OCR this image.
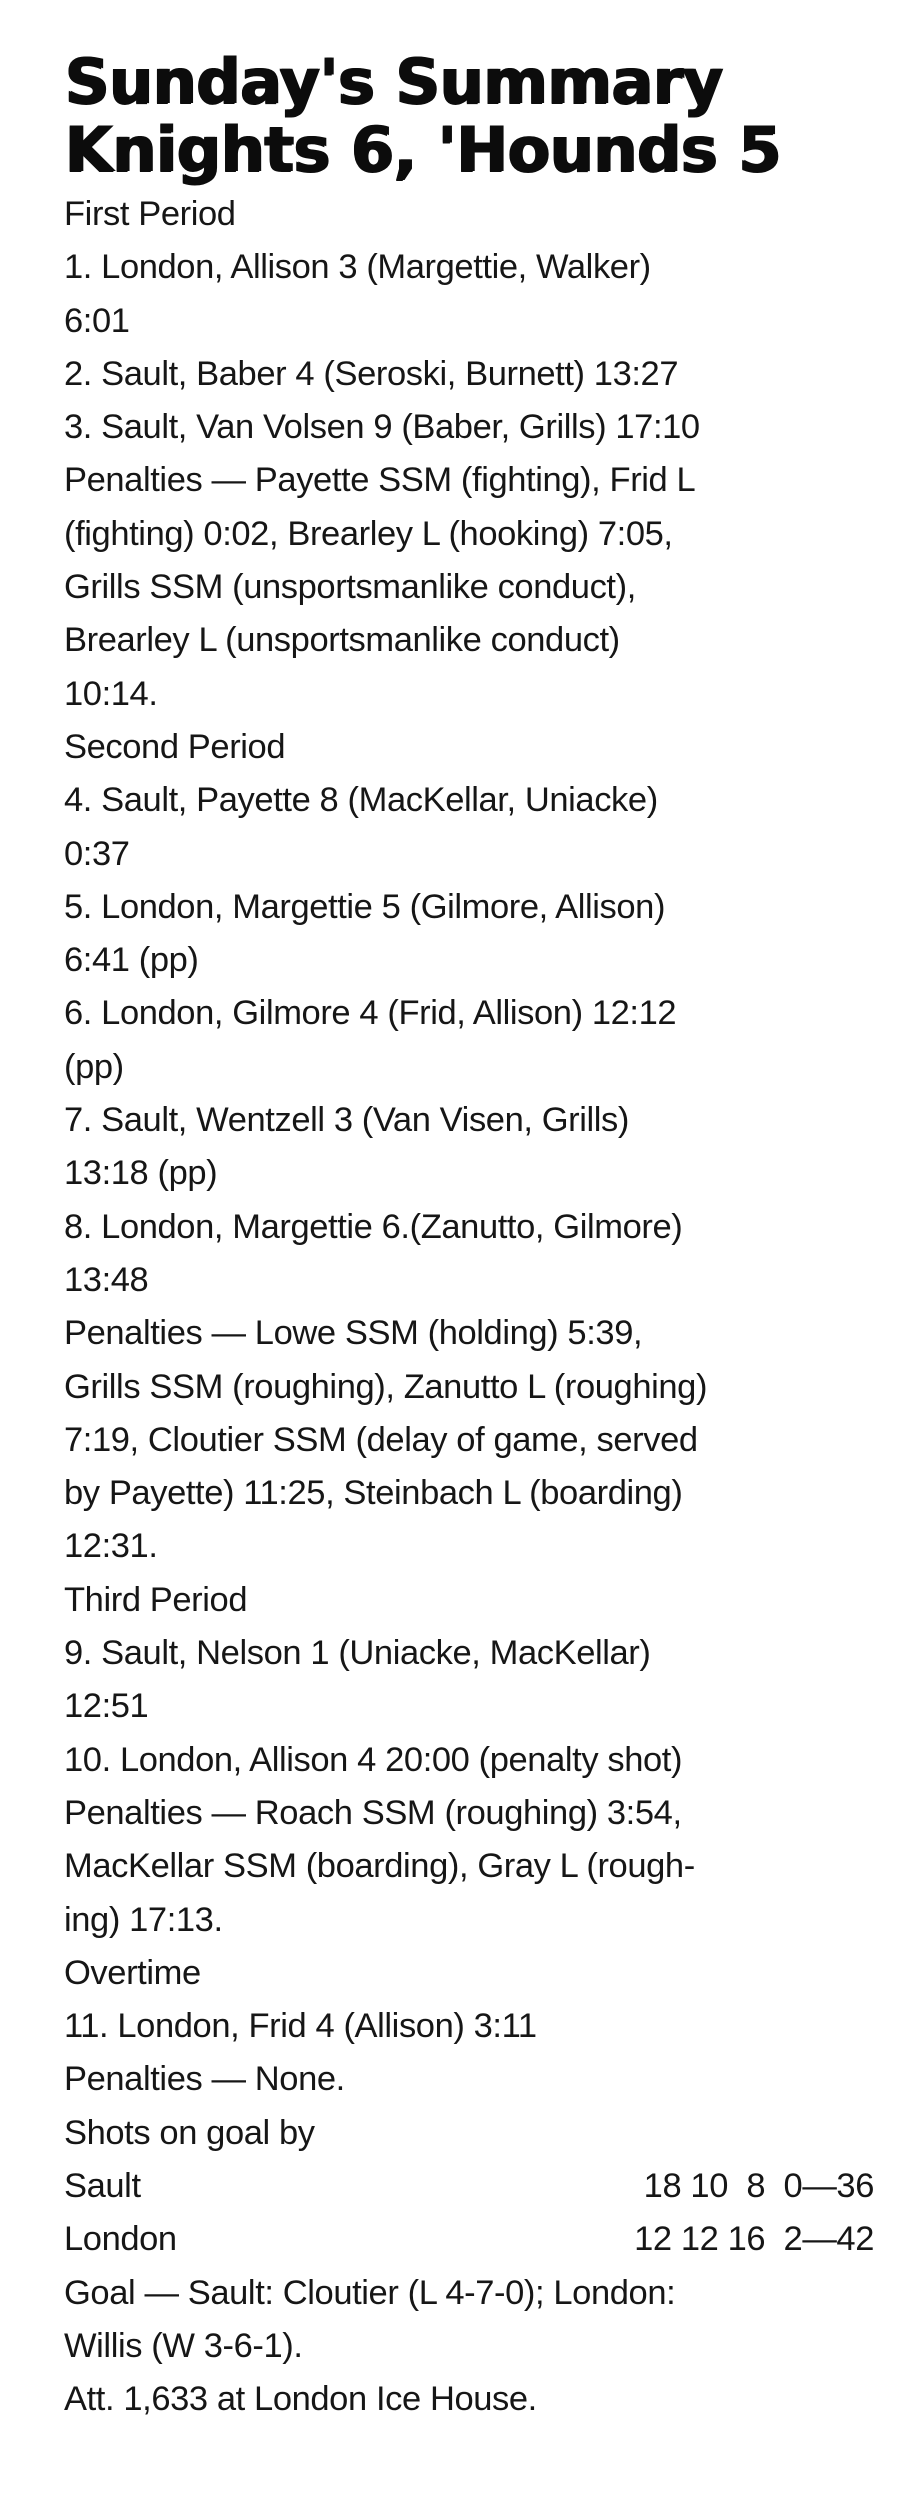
Sunday's Summary
Knights 6, 'Hounds 5
First Period
1. London, Allison 3 (Margettie, Walker)
6:01
2. Sault, Baber 4 (Seroski, Burnett) 13:27
3. Sault, Van Volsen 9 (Baber, Grills) 17:10
Penalties — Payette SSM (fighting), Frid L
(fighting) 0:02, Brearley L (hooking) 7:05,
Grills SSM (unsportsmanlike conduct),
Brearley L (unsportsmanlike conduct)
10:14.
Second Period
4. Sault, Payette 8 (MacKellar, Uniacke)
0:37
5. London, Margettie 5 (Gilmore, Allison)
6:41 (pp)
6. London, Gilmore 4 (Frid, Allison) 12:12
(pp)
7. Sault, Wentzell 3 (Van Visen, Grills)
13:18 (pp)
8. London, Margettie 6.(Zanutto, Gilmore)
13:48
Penalties — Lowe SSM (holding) 5:39,
Grills SSM (roughing), Zanutto L (roughing)
7:19, Cloutier SSM (delay of game, served
by Payette) 11:25, Steinbach L (boarding)
12:31.
Third Period
9. Sault, Nelson 1 (Uniacke, MacKellar)
12:51
10. London, Allison 4 20:00 (penalty shot)
Penalties — Roach SSM (roughing) 3:54,
MacKellar SSM (boarding), Gray L (rough-
ing) 17:13.
Overtime
11. London, Frid 4 (Allison) 3:11
Penalties — None.
Shots on goal by
Sault	18 10  8  0—36
London	12 12 16  2—42
Goal — Sault: Cloutier (L 4-7-0); London:
Willis (W 3-6-1).
Att. 1,633 at London Ice House.
